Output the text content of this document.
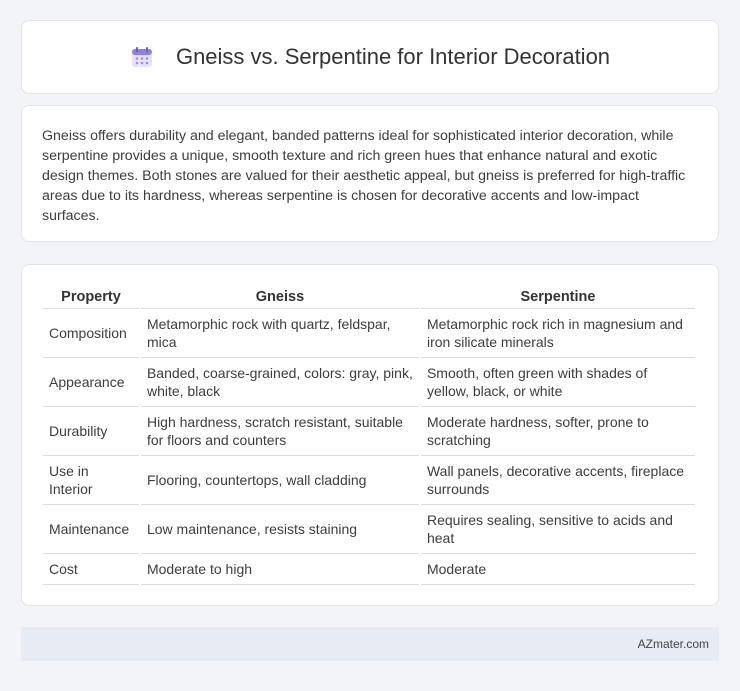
Gneiss vs. Serpentine for Interior Decoration

Gneiss offers durability and elegant, banded patterns ideal for sophisticated interior decoration, while serpentine provides a unique, smooth texture and rich green hues that enhance natural and exotic design themes. Both stones are valued for their aesthetic appeal, but gneiss is preferred for high-traffic areas due to its hardness, whereas serpentine is chosen for decorative accents and low-impact surfaces.

Property	Gneiss	Serpentine
Composition	Metamorphic rock with quartz, feldspar, mica	Metamorphic rock rich in magnesium and iron silicate minerals
Appearance	Banded, coarse-grained, colors: gray, pink, white, black	Smooth, often green with shades of yellow, black, or white
Durability	High hardness, scratch resistant, suitable for floors and counters	Moderate hardness, softer, prone to scratching
Use in Interior	Flooring, countertops, wall cladding	Wall panels, decorative accents, fireplace surrounds
Maintenance	Low maintenance, resists staining	Requires sealing, sensitive to acids and heat
Cost	Moderate to high	Moderate
AZmater.com
